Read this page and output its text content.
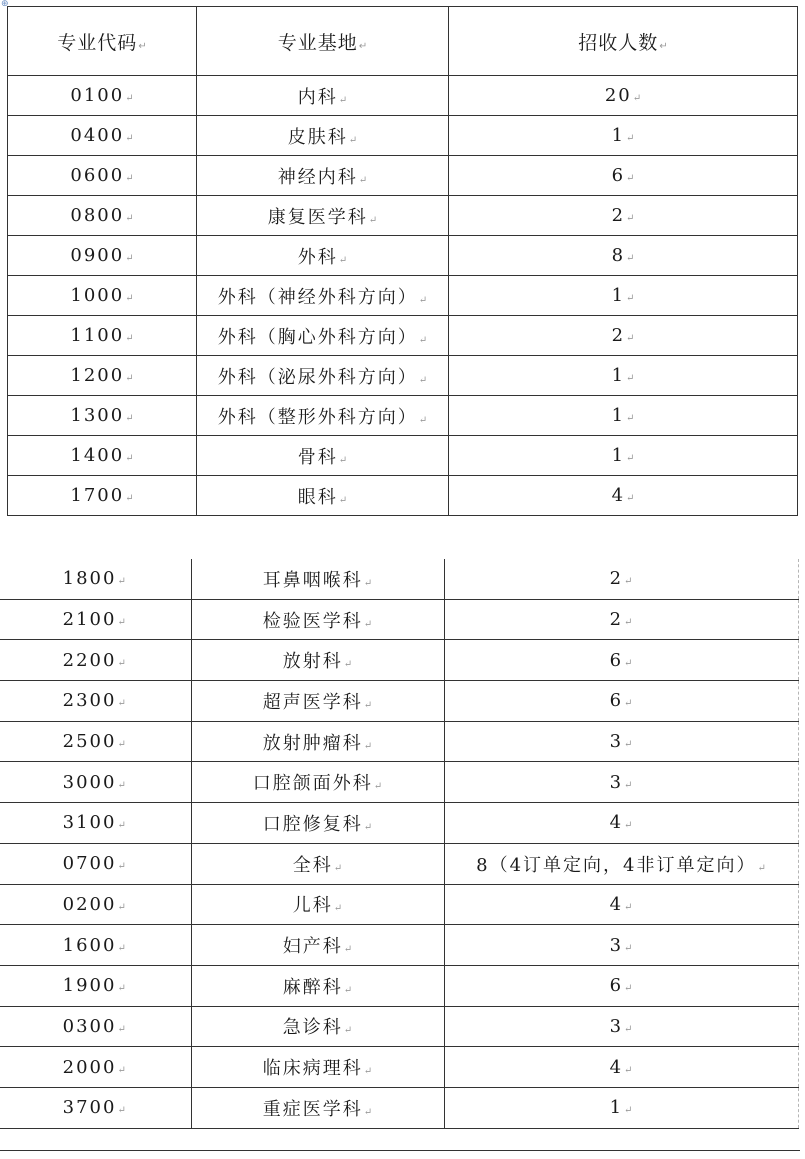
⊕
专业代码↵	专业基地↵	招收人数↵
0100↵	内科↵	20↵
0400↵	皮肤科↵	1↵
0600↵	神经内科↵	6↵
0800↵	康复医学科↵	2↵
0900↵	外科↵	8↵
1000↵	外科（神经外科方向）↵	1↵
1100↵	外科（胸心外科方向）↵	2↵
1200↵	外科（泌尿外科方向）↵	1↵
1300↵	外科（整形外科方向）↵	1↵
1400↵	骨科↵	1↵
1700↵	眼科↵	4↵
1800↵	耳鼻咽喉科↵	2↵
2100↵	检验医学科↵	2↵
2200↵	放射科↵	6↵
2300↵	超声医学科↵	6↵
2500↵	放射肿瘤科↵	3↵
3000↵	口腔颌面外科↵	3↵
3100↵	口腔修复科↵	4↵
0700↵	全科↵	8（4订单定向，4非订单定向）↵
0200↵	儿科↵	4↵
1600↵	妇产科↵	3↵
1900↵	麻醉科↵	6↵
0300↵	急诊科↵	3↵
2000↵	临床病理科↵	4↵
3700↵	重症医学科↵	1↵
